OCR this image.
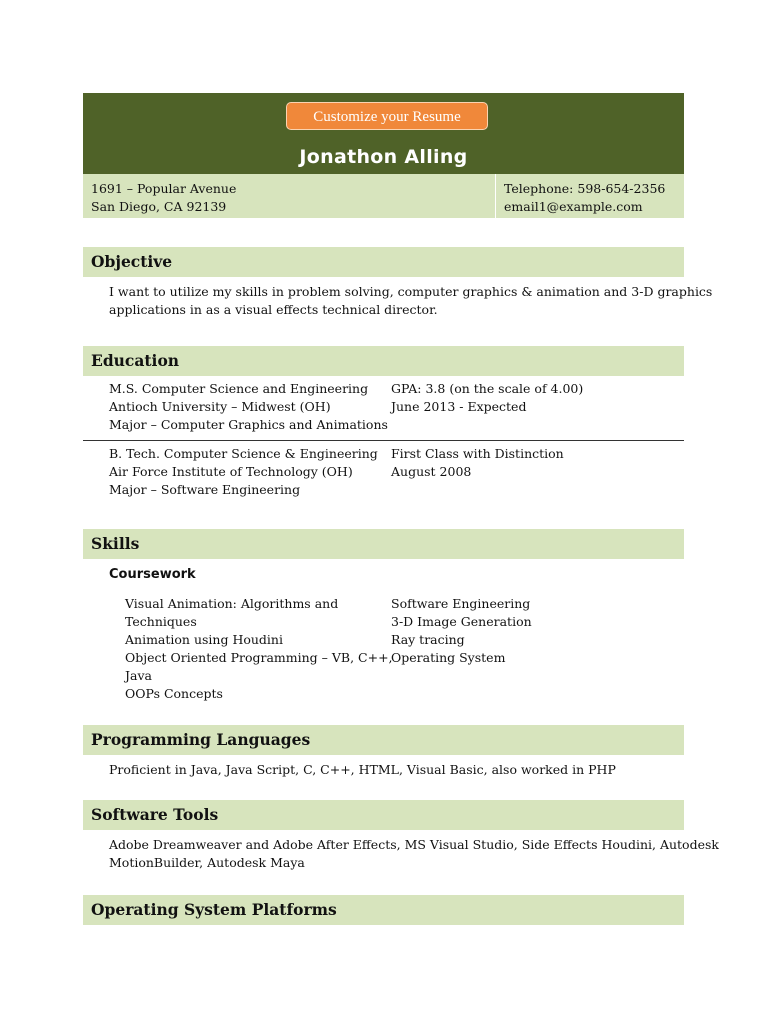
Customize your Resume
Jonathon Alling
1691 – Popular Avenue
San Diego, CA 92139
Telephone: 598-654-2356
email1@example.com
Objective
I want to utilize my skills in problem solving, computer graphics & animation and 3-D graphics
applications in as a visual effects technical director.
Education
M.S. Computer Science and Engineering
Antioch University – Midwest (OH)
Major – Computer Graphics and Animations
GPA: 3.8 (on the scale of 4.00)
June 2013 - Expected
B. Tech. Computer Science & Engineering
Air Force Institute of Technology (OH)
Major – Software Engineering
First Class with Distinction
August 2008
Skills
Coursework
Visual Animation: Algorithms and
Techniques
Animation using Houdini
Object Oriented Programming – VB, C++,
Java
OOPs Concepts
Software Engineering
3-D Image Generation
Ray tracing
Operating System
Programming Languages
Proficient in Java, Java Script, C, C++, HTML, Visual Basic, also worked in PHP
Software Tools
Adobe Dreamweaver and Adobe After Effects, MS Visual Studio, Side Effects Houdini, Autodesk
MotionBuilder, Autodesk Maya
Operating System Platforms
